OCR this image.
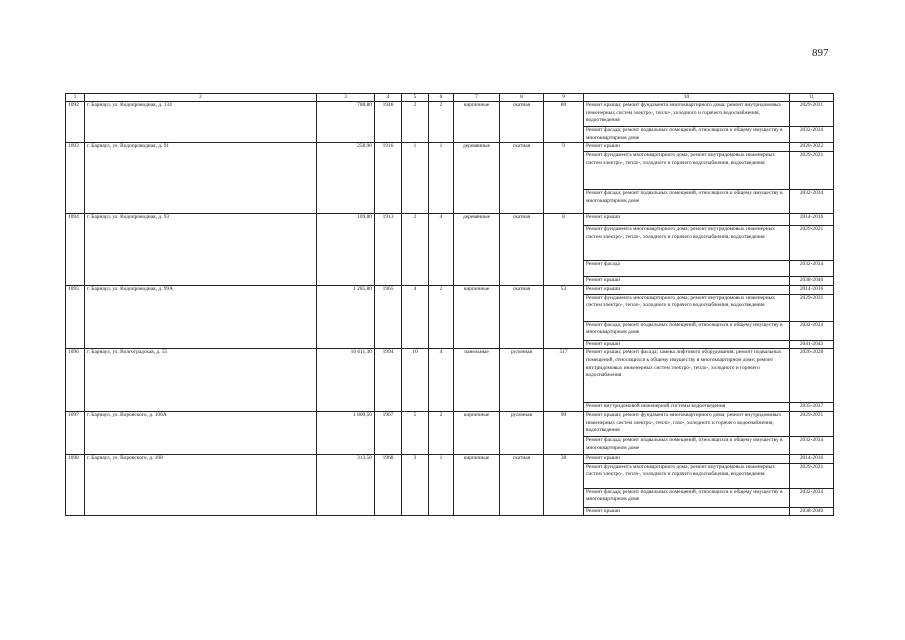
897
1	2	3	4	5	6	7	8	9	10	11
1092	г. Барнаул, ул. Водопроводная, д. 134	788,80	1946	2	2	кирпичные	скатная	80	Ремонт крыши; ремонт фундамента многоквартирного дома; ремонт внутридомовых инженерных систем электро-, тепло-, холодного и горячего водоснабжения, водоотведения	2029-2031
									Ремонт фасада; ремонт подвальных помещений, относящихся к общему имуществу в многоквартирном доме	2032-2034
1093	г. Барнаул, ул. Водопроводная, д. 91	258,90	1916	1	1	деревянные	скатная	9	Ремонт крыши	2020-2022
									Ремонт фундамента многоквартирного дома; ремонт внутридомовых инженерных систем электро-, тепло-, холодного и горячего водоснабжения, водоотведения	2029-2031
									Ремонт фасада; ремонт подвальных помещений, относящихся к общему имуществу в многоквартирном доме	2032-2034
1094	г. Барнаул, ул. Водопроводная, д. 93	109,80	1913	2	4	деревянные	скатная	8	Ремонт крыши	2014-2016
									Ремонт фундамента многоквартирного дома; ремонт внутридомовых инженерных систем электро-, тепло-, холодного и горячего водоснабжения, водоотведения	2029-2031
									Ремонт фасада	2032-2034
									Ремонт крыши	2038-2040
1095	г. Барнаул, ул. Водопроводная, д. 99А	1 285,80	1965	4	2	кирпичные	скатная	53	Ремонт крыши	2014-2016
									Ремонт фундамента многоквартирного дома; ремонт внутридомовых инженерных систем электро-, тепло-, холодного и горячего водоснабжения, водоотведения	2029-2031
									Ремонт фасада; ремонт подвальных помещений, относящихся к общему имуществу в многоквартирном доме	2032-2034
									Ремонт крыши	2041-2043
1096	г. Барнаул, ул. Волгоградская, д. 55	10 611,30	1994	10	4	панельные	рулонная	517	Ремонт крыши; ремонт фасада; замена лифтового оборудования; ремонт подвальных помещений, относящихся к общему имуществу в многоквартирном доме; ремонт внутридомовых инженерных систем электро-, тепло-, холодного и горячего водоснабжения	2026-2028
									Ремонт внутридомовой инженерной системы водоотведения	2035-2037
1097	г. Барнаул, ул. Воровского, д. 106А	1 800,50	1967	5	2	кирпичные	рулонная	90	Ремонт крыши; ремонт фундамента многоквартирного дома; ремонт внутридомовых инженерных систем электро-, тепло-, газо-, холодного и горячего водоснабжения, водоотведения	2029-2031
									Ремонт фасада; ремонт подвальных помещений, относящихся к общему имуществу в многоквартирном доме	2032-2034
1098	г. Барнаул, ул. Воровского, д. 108	313,50	1968	3	1	кирпичные	скатная	38	Ремонт крыши	2014-2016
									Ремонт фундамента многоквартирного дома; ремонт внутридомовых инженерных систем электро-, тепло-, холодного и горячего водоснабжения, водоотведения	2029-2031
									Ремонт фасада; ремонт подвальных помещений, относящихся к общему имуществу в многоквартирном доме	2032-2034
									Ремонт крыши	2038-2040
